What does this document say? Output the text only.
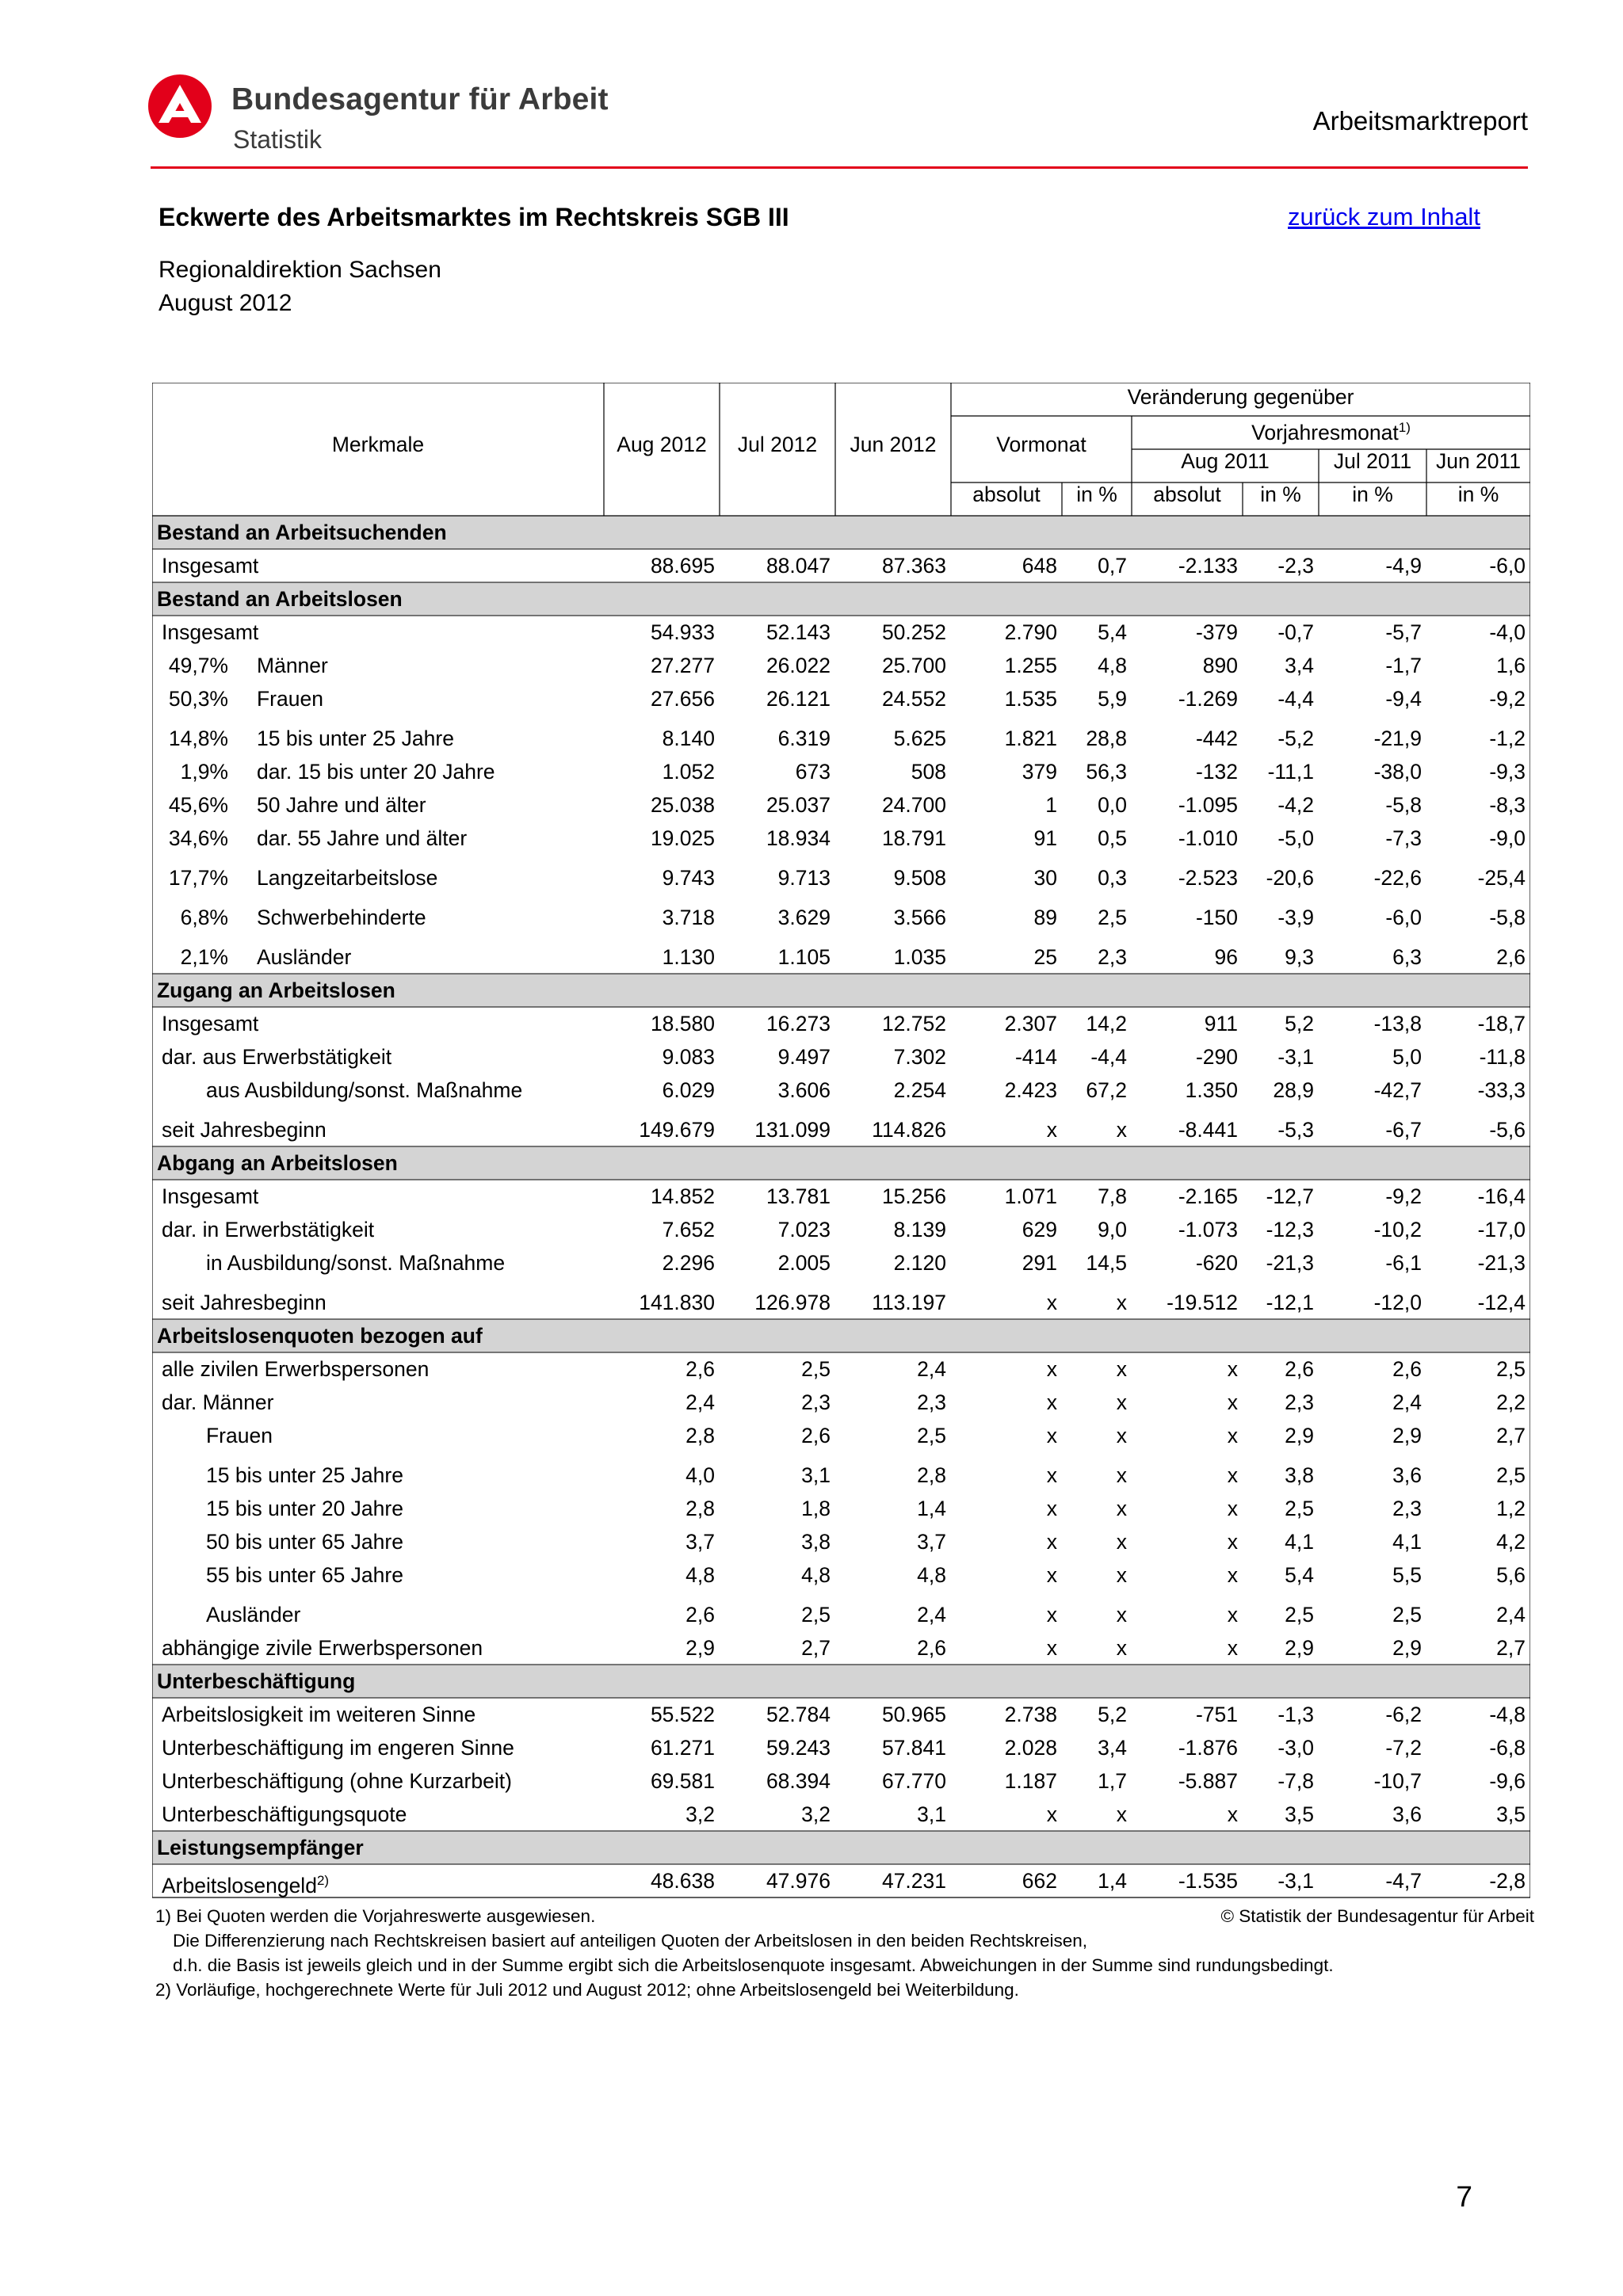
Bundesagentur für Arbeit
Statistik
Arbeitsmarktreport
Eckwerte des Arbeitsmarktes im Rechtskreis SGB III	zurück zum Inhalt
Regionaldirektion Sachsen
August 2012
Bestand an Arbeitsuchenden
Insgesamt	88.695	88.047	87.363	648	0,7	-2.133	-2,3	-4,9	-6,0
Bestand an Arbeitslosen
Insgesamt	54.933	52.143	50.252	2.790	5,4	-379	-0,7	-5,7	-4,0
49,7% Männer	27.277	26.022	25.700	1.255	4,8	890	3,4	-1,7	1,6
50,3% Frauen	27.656	26.121	24.552	1.535	5,9	-1.269	-4,4	-9,4	-9,2
14,8% 15 bis unter 25 Jahre	8.140	6.319	5.625	1.821	28,8	-442	-5,2	-21,9	-1,2
1,9% dar. 15 bis unter 20 Jahre	1.052	673	508	379	56,3	-132	-11,1	-38,0	-9,3
45,6% 50 Jahre und älter	25.038	25.037	24.700	1	0,0	-1.095	-4,2	-5,8	-8,3
34,6% dar. 55 Jahre und älter	19.025	18.934	18.791	91	0,5	-1.010	-5,0	-7,3	-9,0
17,7% Langzeitarbeitslose	9.743	9.713	9.508	30	0,3	-2.523	-20,6	-22,6	-25,4
6,8% Schwerbehinderte	3.718	3.629	3.566	89	2,5	-150	-3,9	-6,0	-5,8
2,1% Ausländer	1.130	1.105	1.035	25	2,3	96	9,3	6,3	2,6
Zugang an Arbeitslosen
Insgesamt	18.580	16.273	12.752	2.307	14,2	911	5,2	-13,8	-18,7
dar. aus Erwerbstätigkeit	9.083	9.497	7.302	-414	-4,4	-290	-3,1	5,0	-11,8
aus Ausbildung/sonst. Maßnahme	6.029	3.606	2.254	2.423	67,2	1.350	28,9	-42,7	-33,3
seit Jahresbeginn	149.679	131.099	114.826	x	x	-8.441	-5,3	-6,7	-5,6
Abgang an Arbeitslosen
Insgesamt	14.852	13.781	15.256	1.071	7,8	-2.165	-12,7	-9,2	-16,4
dar. in Erwerbstätigkeit	7.652	7.023	8.139	629	9,0	-1.073	-12,3	-10,2	-17,0
in Ausbildung/sonst. Maßnahme	2.296	2.005	2.120	291	14,5	-620	-21,3	-6,1	-21,3
seit Jahresbeginn	141.830	126.978	113.197	x	x	-19.512	-12,1	-12,0	-12,4
Arbeitslosenquoten bezogen auf
alle zivilen Erwerbspersonen	2,6	2,5	2,4	x	x	x	2,6	2,6	2,5
dar. Männer	2,4	2,3	2,3	x	x	x	2,3	2,4	2,2
Frauen	2,8	2,6	2,5	x	x	x	2,9	2,9	2,7
15 bis unter 25 Jahre	4,0	3,1	2,8	x	x	x	3,8	3,6	2,5
15 bis unter 20 Jahre	2,8	1,8	1,4	x	x	x	2,5	2,3	1,2
50 bis unter 65 Jahre	3,7	3,8	3,7	x	x	x	4,1	4,1	4,2
55 bis unter 65 Jahre	4,8	4,8	4,8	x	x	x	5,4	5,5	5,6
Ausländer	2,6	2,5	2,4	x	x	x	2,5	2,5	2,4
abhängige zivile Erwerbspersonen	2,9	2,7	2,6	x	x	x	2,9	2,9	2,7
Unterbeschäftigung
Arbeitslosigkeit im weiteren Sinne	55.522	52.784	50.965	2.738	5,2	-751	-1,3	-6,2	-4,8
Unterbeschäftigung im engeren Sinne	61.271	59.243	57.841	2.028	3,4	-1.876	-3,0	-7,2	-6,8
Unterbeschäftigung (ohne Kurzarbeit)	69.581	68.394	67.770	1.187	1,7	-5.887	-7,8	-10,7	-9,6
Unterbeschäftigungsquote	3,2	3,2	3,1	x	x	x	3,5	3,6	3,5
Leistungsempfänger
Arbeitslosengeld$^{2)}$	48.638	47.976	47.231	662	1,4	-1.535	-3,1	-4,7	-2,8
Merkmale	Aug 2012	Jul 2012	Jun 2012
Veränderung gegenüber
Vormonat
Vorjahresmonat$^{1)}$
Aug 2011	Jul 2011	Jun 2011
absolut	in %	absolut	in %	in %	in %
1) Bei Quoten werden die Vorjahreswerte ausgewiesen.
Die Differenzierung nach Rechtskreisen basiert auf anteiligen Quoten der Arbeitslosen in den beiden Rechtskreisen,
d.h. die Basis ist jeweils gleich und in der Summe ergibt sich die Arbeitslosenquote insgesamt. Abweichungen in der Summe sind rundungsbedingt.
2) Vorläufige, hochgerechnete Werte für Juli 2012 und August 2012; ohne Arbeitslosengeld bei Weiterbildung.
© Statistik der Bundesagentur für Arbeit
7
